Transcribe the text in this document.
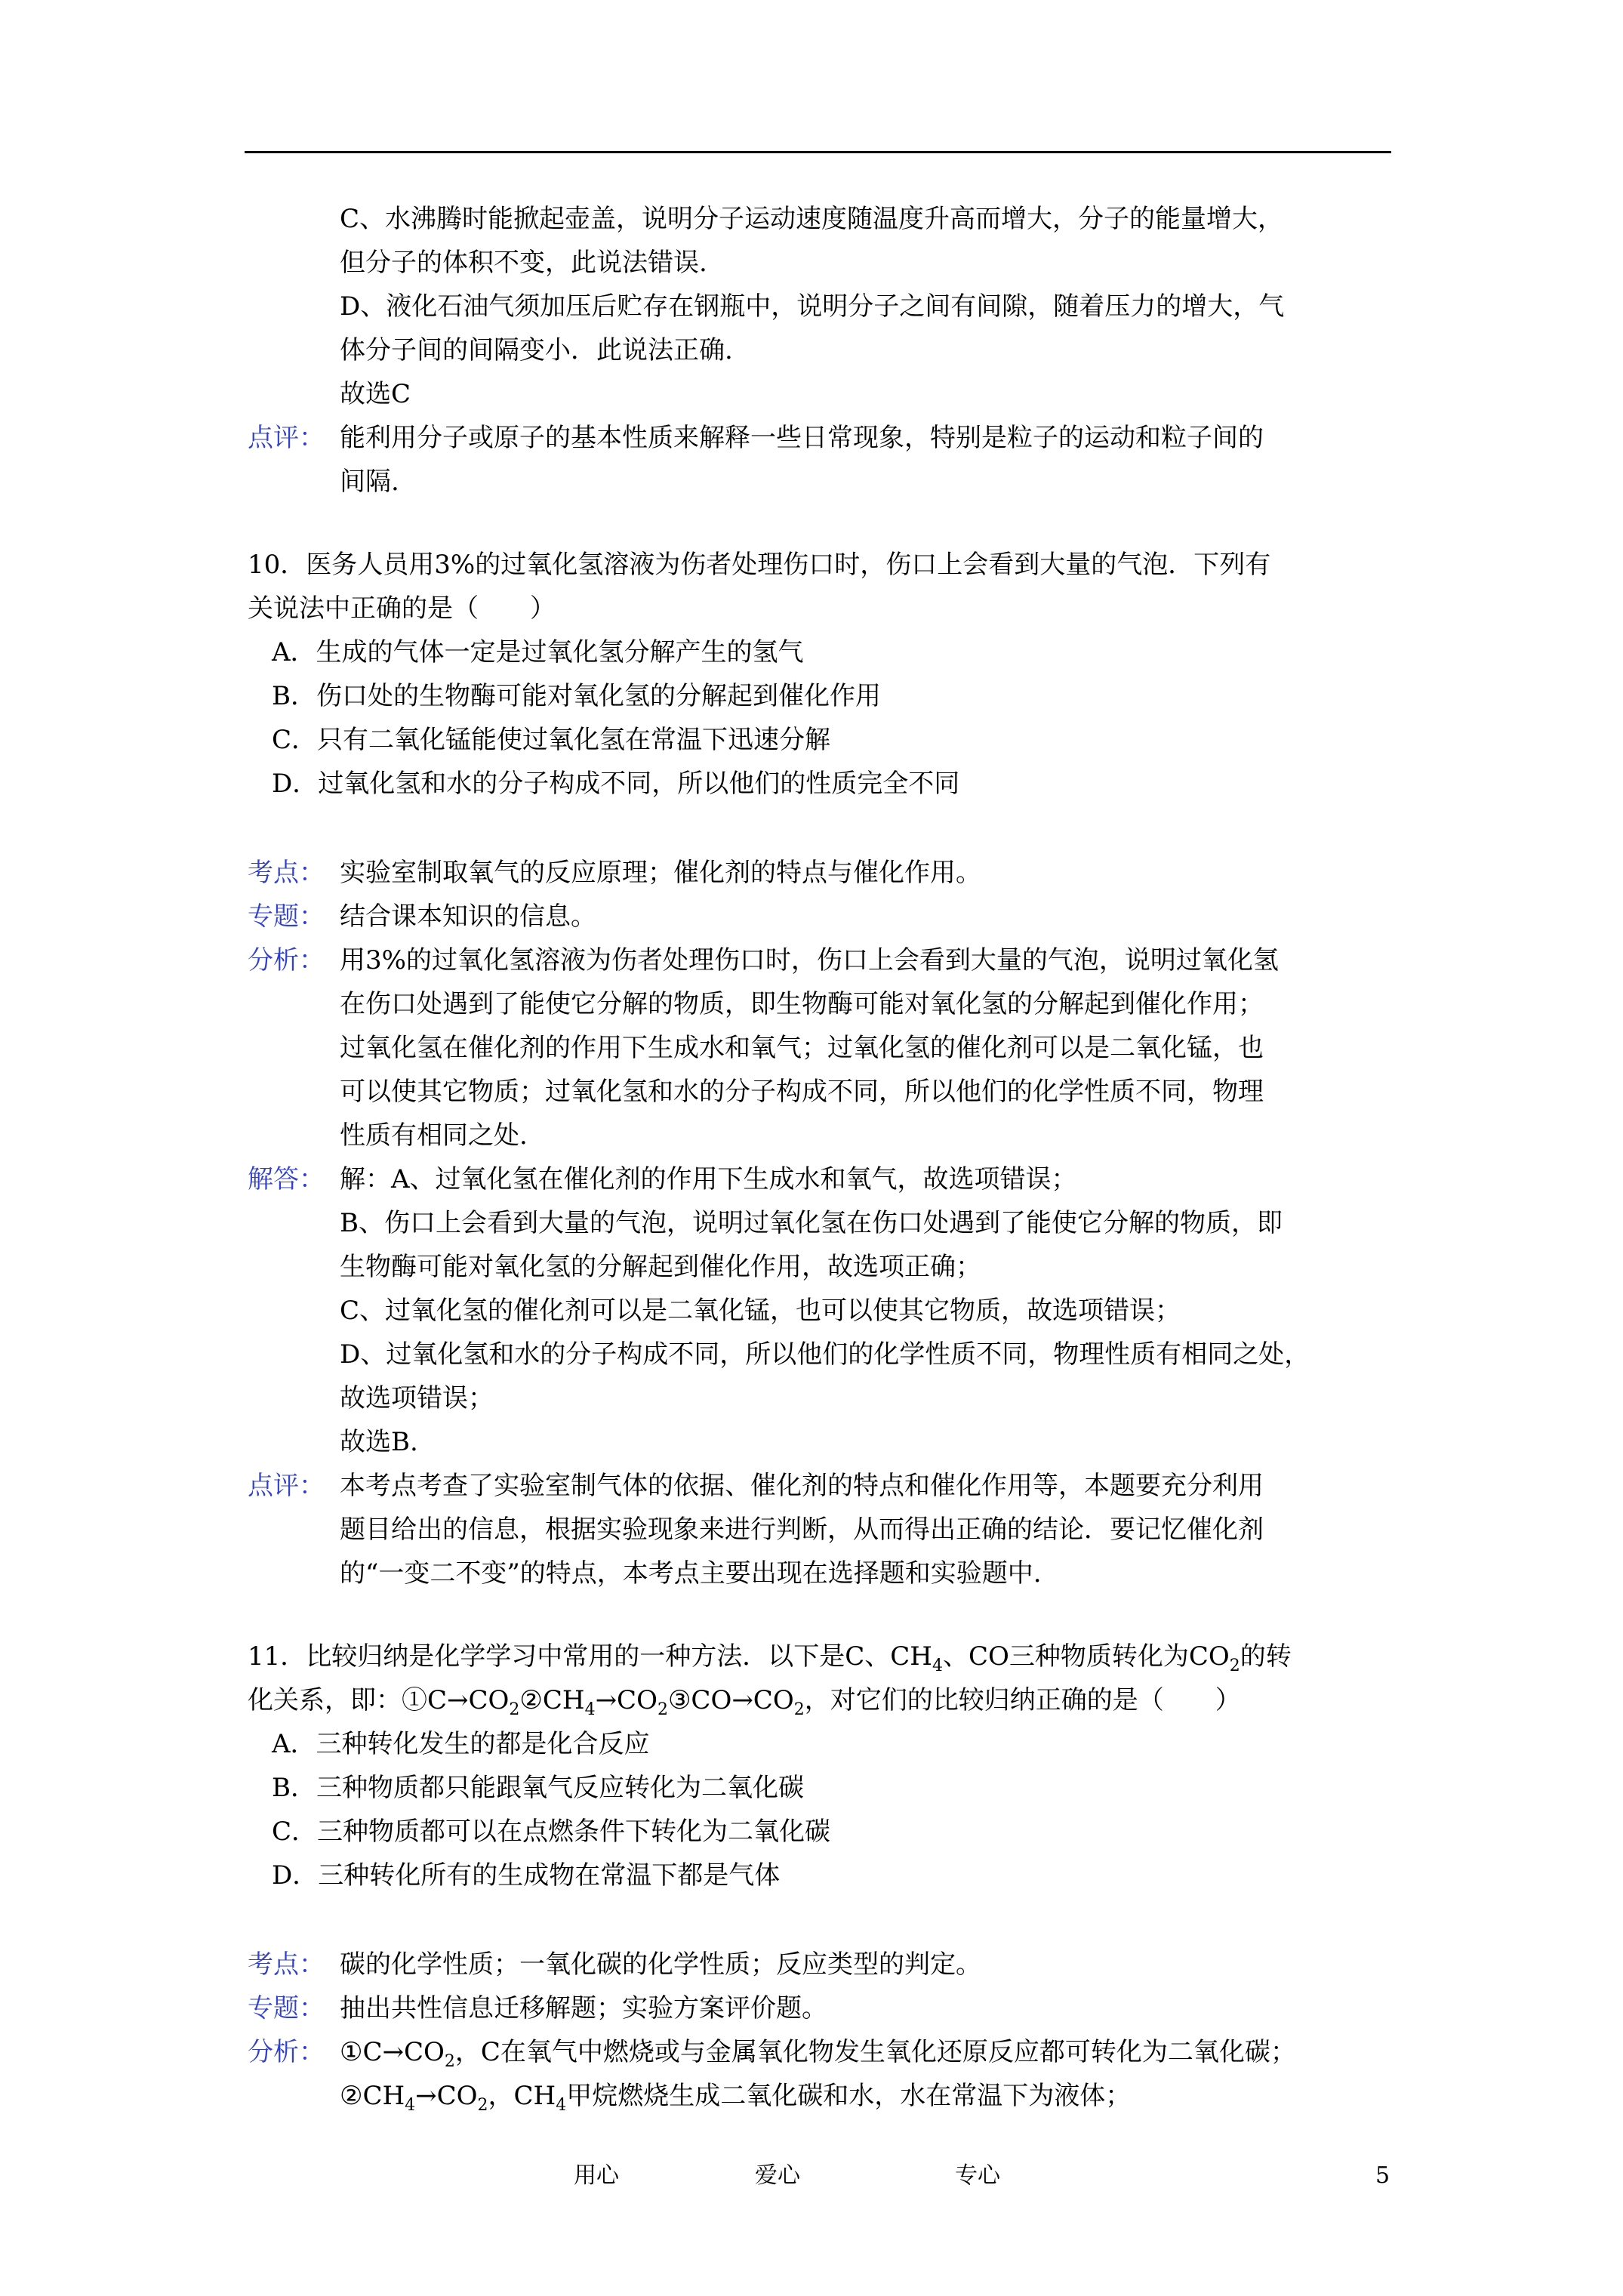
C、水沸腾时能掀起壶盖，说明分子运动速度随温度升高而增大，分子的能量增大，
但分子的体积不变，此说法错误.
D、液化石油气须加压后贮存在钢瓶中，说明分子之间有间隙，随着压力的增大，气
体分子间的间隔变小．此说法正确.
故选C
点评： 能利用分子或原子的基本性质来解释一些日常现象，特别是粒子的运动和粒子间的
间隔.
10．医务人员用3%的过氧化氢溶液为伤者处理伤口时，伤口上会看到大量的气泡．下列有
关说法中正确的是（　　）
A．生成的气体一定是过氧化氢分解产生的氢气
B．伤口处的生物酶可能对氧化氢的分解起到催化作用
C．只有二氧化锰能使过氧化氢在常温下迅速分解
D．过氧化氢和水的分子构成不同，所以他们的性质完全不同
考点： 实验室制取氧气的反应原理；催化剂的特点与催化作用。
专题： 结合课本知识的信息。
分析： 用3%的过氧化氢溶液为伤者处理伤口时，伤口上会看到大量的气泡，说明过氧化氢
在伤口处遇到了能使它分解的物质，即生物酶可能对氧化氢的分解起到催化作用；
过氧化氢在催化剂的作用下生成水和氧气；过氧化氢的催化剂可以是二氧化锰，也
可以使其它物质；过氧化氢和水的分子构成不同，所以他们的化学性质不同，物理
性质有相同之处.
解答： 解：A、过氧化氢在催化剂的作用下生成水和氧气，故选项错误；
B、伤口上会看到大量的气泡，说明过氧化氢在伤口处遇到了能使它分解的物质，即
生物酶可能对氧化氢的分解起到催化作用，故选项正确；
C、过氧化氢的催化剂可以是二氧化锰，也可以使其它物质，故选项错误；
D、过氧化氢和水的分子构成不同，所以他们的化学性质不同，物理性质有相同之处，
故选项错误；
故选B.
点评： 本考点考查了实验室制气体的依据、催化剂的特点和催化作用等，本题要充分利用
题目给出的信息，根据实验现象来进行判断，从而得出正确的结论．要记忆催化剂
的“一变二不变”的特点，本考点主要出现在选择题和实验题中.
11．比较归纳是化学学习中常用的一种方法．以下是C、$CH_4$、CO三种物质转化为$CO_2$的转
化关系，即：$①C\to CO_2②CH_4\to CO_2③CO\to CO_2$，对它们的比较归纳正确的是（　　）
A．三种转化发生的都是化合反应
B．三种物质都只能跟氧气反应转化为二氧化碳
C．三种物质都可以在点燃条件下转化为二氧化碳
D．三种转化所有的生成物在常温下都是气体
考点： 碳的化学性质；一氧化碳的化学性质；反应类型的判定。
专题： 抽出共性信息迁移解题；实验方案评价题。
分析： $①C\to CO_2$，C在氧气中燃烧或与金属氧化物发生氧化还原反应都可转化为二氧化碳；
$②CH_4\to CO_2$，$CH_4$甲烷燃烧生成二氧化碳和水，水在常温下为液体；
用心	爱心	专心	5
